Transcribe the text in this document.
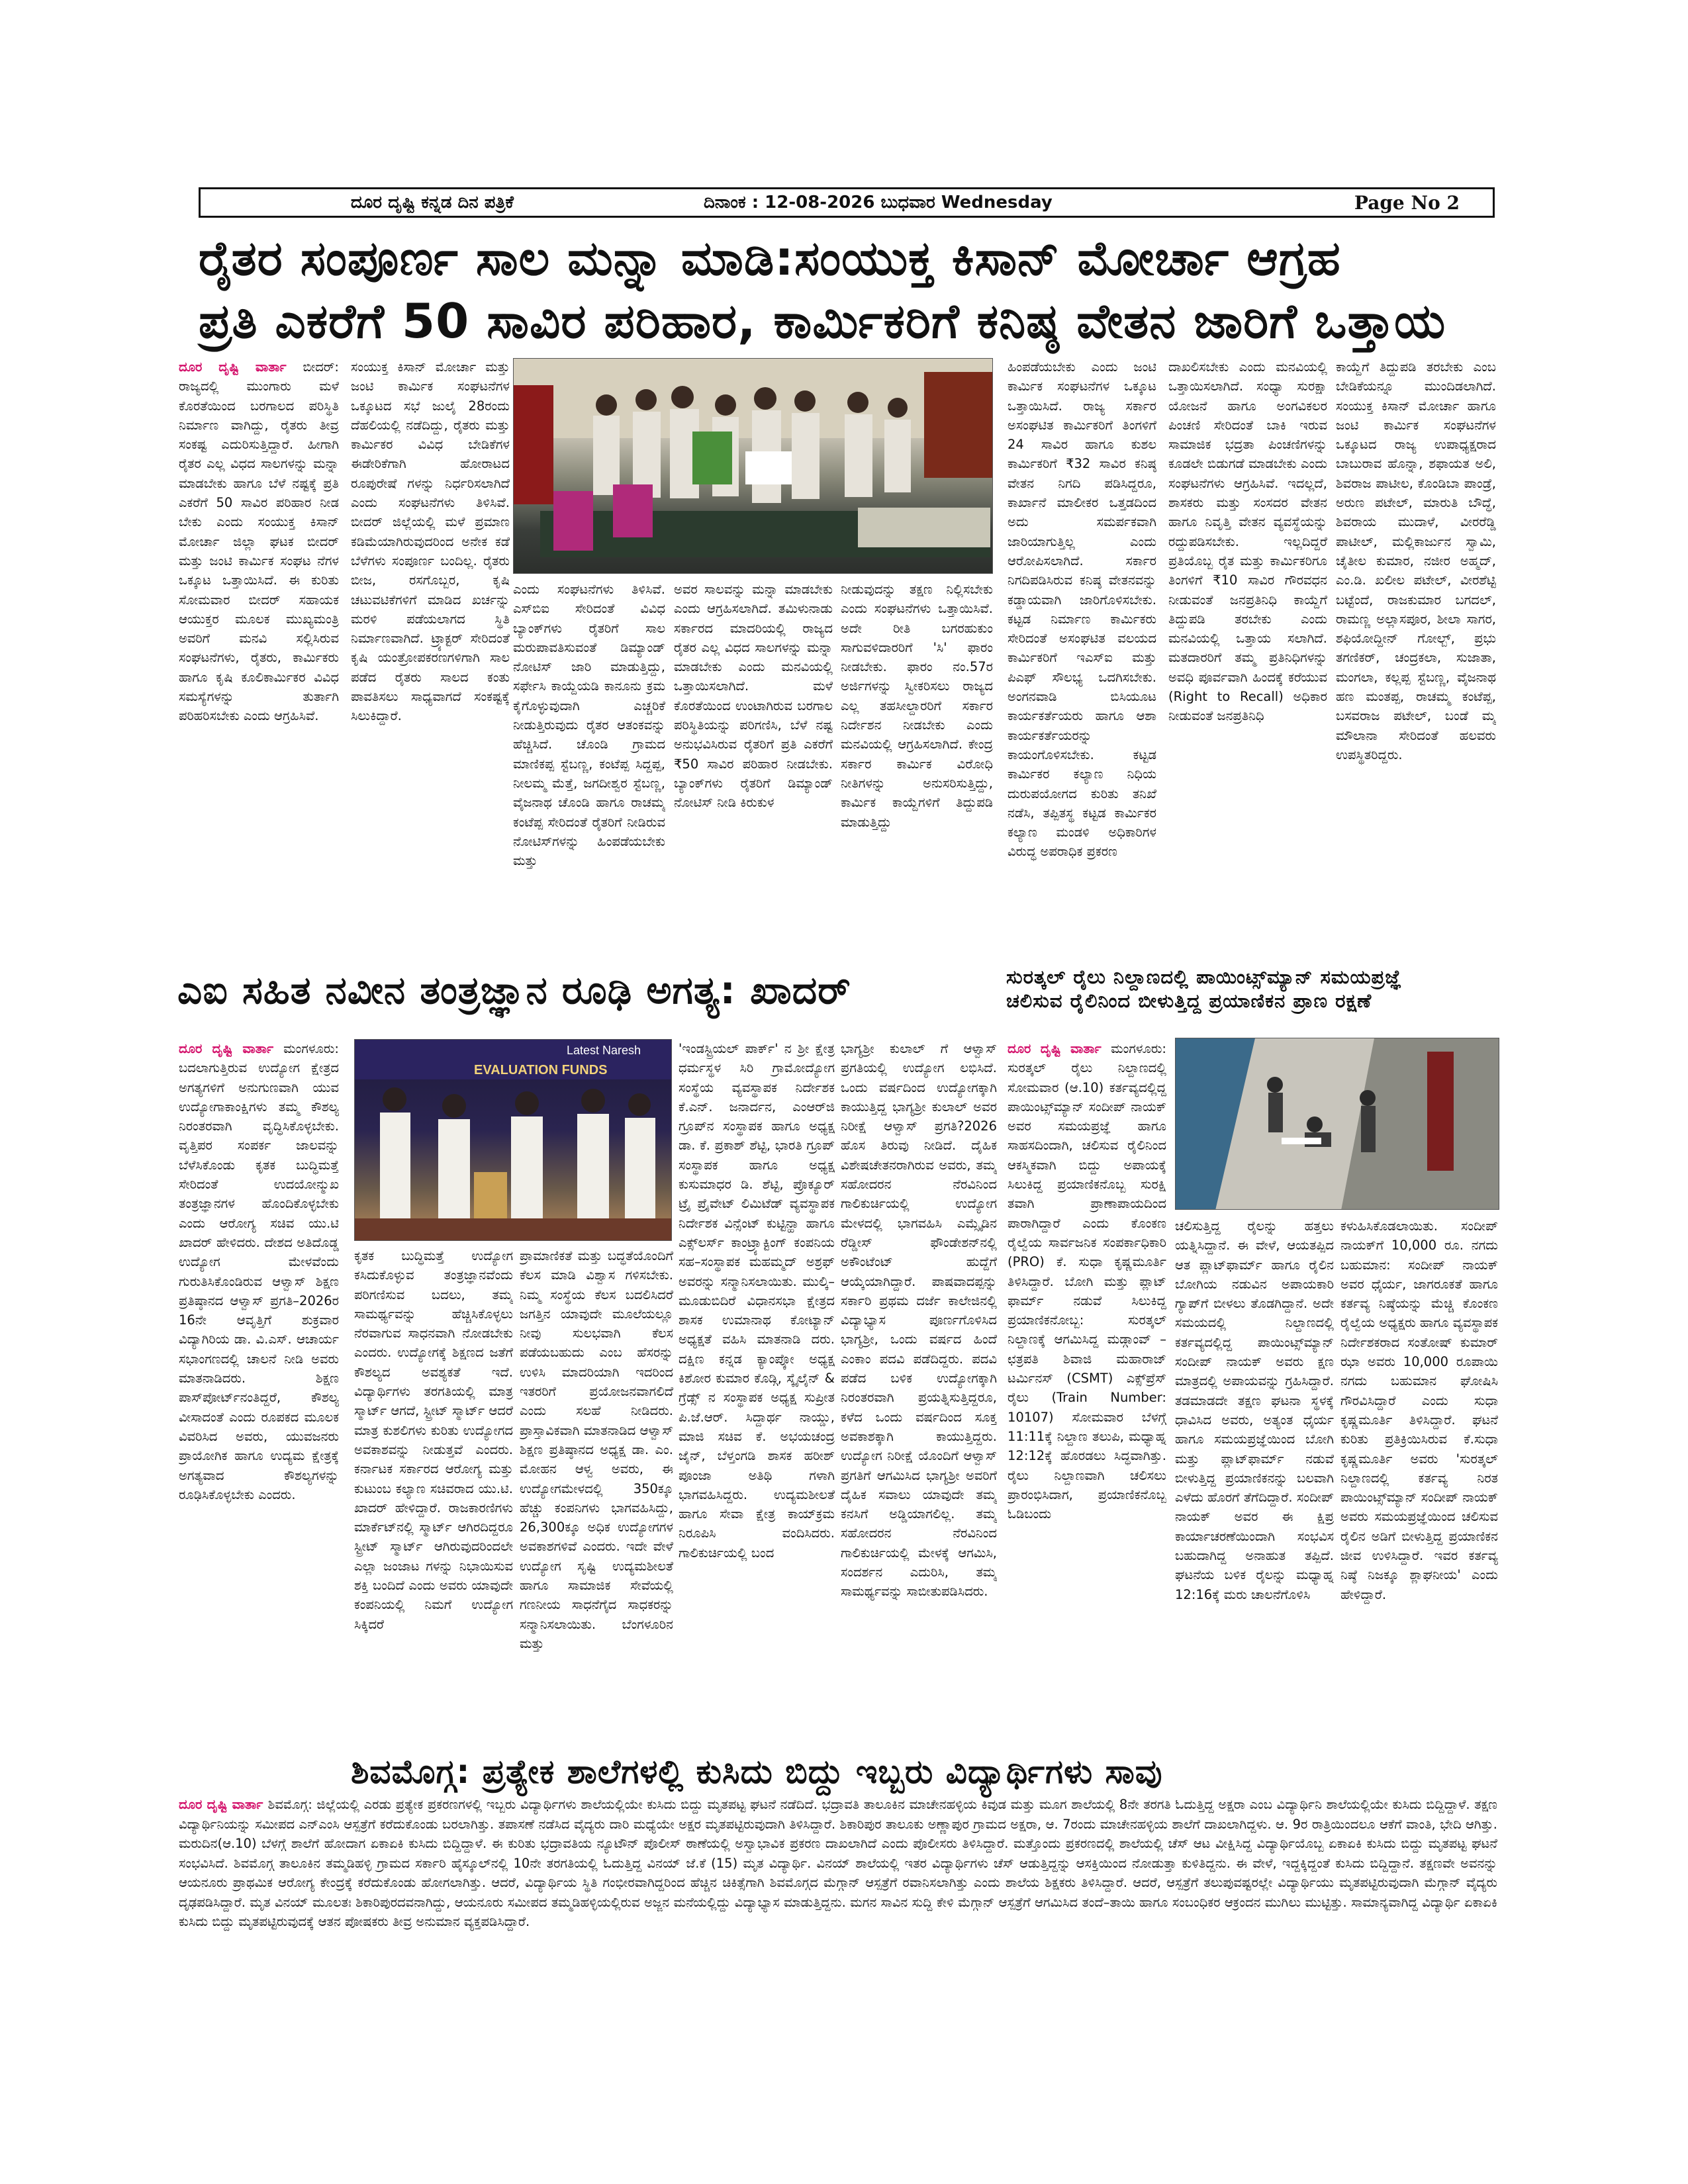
ದೂರ ದೃಷ್ಟಿ ಕನ್ನಡ ದಿನ ಪತ್ರಿಕೆ	ದಿನಾಂಕ : 12-08-2026 ಬುಧವಾರ Wednesday	Page No 2
ರೈತರ ಸಂಪೂರ್ಣ ಸಾಲ ಮನ್ನಾ ಮಾಡಿ:ಸಂಯುಕ್ತ ಕಿಸಾನ್ ಮೋರ್ಚಾ ಆಗ್ರಹ
ಪ್ರತಿ ಎಕರೆಗೆ 50 ಸಾವಿರ ಪರಿಹಾರ, ಕಾರ್ಮಿಕರಿಗೆ ಕನಿಷ್ಠ ವೇತನ ಜಾರಿಗೆ ಒತ್ತಾಯ
ದೂರ ದೃಷ್ಟಿ ವಾರ್ತಾ ಬೀದರ್: ರಾಜ್ಯದಲ್ಲಿ ಮುಂಗಾರು ಮಳೆ ಕೊರತೆಯಿಂದ ಬರಗಾಲದ ಪರಿಸ್ಥಿತಿ ನಿರ್ಮಾಣ ವಾಗಿದ್ದು, ರೈತರು ತೀವ್ರ ಸಂಕಷ್ಟ ಎದುರಿಸುತ್ತಿದ್ದಾರೆ. ಹೀಗಾಗಿ ರೈತರ ಎಲ್ಲ ವಿಧದ ಸಾಲಗಳನ್ನು ಮನ್ನಾ ಮಾಡಬೇಕು ಹಾಗೂ ಬೆಳೆ ನಷ್ಟಕ್ಕೆ ಪ್ರತಿ ಎಕರೆಗೆ 50 ಸಾವಿರ ಪರಿಹಾರ ನೀಡ ಬೇಕು ಎಂದು ಸಂಯುಕ್ತ ಕಿಸಾನ್ ಮೋರ್ಚಾ ಜಿಲ್ಲಾ ಘಟಕ ಬೀದರ್ ಮತ್ತು ಜಂಟಿ ಕಾರ್ಮಿಕ ಸಂಘಟ ನೆಗಳ ಒಕ್ಕೂಟ ಒತ್ತಾಯಿಸಿದೆ. ಈ ಕುರಿತು ಸೋಮವಾರ ಬೀದರ್ ಸಹಾಯಕ ಆಯುಕ್ತರ ಮೂಲಕ ಮುಖ್ಯಮಂತ್ರಿ ಅವರಿಗೆ ಮನವಿ ಸಲ್ಲಿಸಿರುವ ಸಂಘಟನೆಗಳು, ರೈತರು, ಕಾರ್ಮಿಕರು ಹಾಗೂ ಕೃಷಿ ಕೂಲಿಕಾರ್ಮಿಕರ ವಿವಿಧ ಸಮಸ್ಯೆಗಳನ್ನು ತುರ್ತಾಗಿ ಪರಿಹರಿಸಬೇಕು ಎಂದು ಆಗ್ರಹಿಸಿವೆ.
ಸಂಯುಕ್ತ ಕಿಸಾನ್ ಮೋರ್ಚಾ ಮತ್ತು ಜಂಟಿ ಕಾರ್ಮಿಕ ಸಂಘಟನೆಗಳ ಒಕ್ಕೂಟದ ಸಭೆ ಜುಲೈ 28ರಂದು ದೆಹಲಿಯಲ್ಲಿ ನಡೆದಿದ್ದು, ರೈತರು ಮತ್ತು ಕಾರ್ಮಿಕರ ವಿವಿಧ ಬೇಡಿಕೆಗಳ ಈಡೇರಿಕೆಗಾಗಿ ಹೋರಾಟದ ರೂಪುರೇಷೆ ಗಳನ್ನು ನಿರ್ಧರಿಸಲಾಗಿದೆ ಎಂದು ಸಂಘಟನೆಗಳು ತಿಳಿಸಿವೆ. ಬೀದರ್ ಜಿಲ್ಲೆಯಲ್ಲಿ ಮಳೆ ಪ್ರಮಾಣ ಕಡಿಮೆಯಾಗಿರುವುದರಿಂದ ಅನೇಕ ಕಡೆ ಬೆಳೆಗಳು ಸಂಪೂರ್ಣ ಬಂದಿಲ್ಲ. ರೈತರು ಬೀಜ, ರಸಗೊಬ್ಬರ, ಕೃಷಿ ಚಟುವಟಿಕೆಗಳಿಗೆ ಮಾಡಿದ ಖರ್ಚನ್ನು ಮರಳಿ ಪಡೆಯಲಾಗದ ಸ್ಥಿತಿ ನಿರ್ಮಾಣವಾಗಿದೆ. ಟ್ರ್ಯಾಕ್ಟರ್ ಸೇರಿದಂತೆ ಕೃಷಿ ಯಂತ್ರೋಪಕರಣಗಳಿಗಾಗಿ ಸಾಲ ಪಡೆದ ರೈತರು ಸಾಲದ ಕಂತು ಪಾವತಿಸಲು ಸಾಧ್ಯವಾಗದೆ ಸಂಕಷ್ಟಕ್ಕೆ ಸಿಲುಕಿದ್ದಾರೆ.
ಎಂದು ಸಂಘಟನೆಗಳು ತಿಳಿಸಿವೆ. ಎಸ್‌ಬಿಐ ಸೇರಿದಂತೆ ವಿವಿಧ ಬ್ಯಾಂಕ್‌ಗಳು ರೈತರಿಗೆ ಸಾಲ ಮರುಪಾವತಿಸುವಂತೆ ಡಿಮ್ಯಾಂಡ್ ನೋಟಿಸ್ ಜಾರಿ ಮಾಡುತ್ತಿದ್ದು, ಸರ್ಫೇಸಿ ಕಾಯ್ದೆಯಡಿ ಕಾನೂನು ಕ್ರಮ ಕೈಗೊಳ್ಳುವುದಾಗಿ ಎಚ್ಚರಿಕೆ ನೀಡುತ್ತಿರುವುದು ರೈತರ ಆತಂಕವನ್ನು ಹೆಚ್ಚಿಸಿದೆ. ಚೊಂಡಿ ಗ್ರಾಮದ ಮಾಣಿಕಪ್ಪ ಸ್ಟೆಬಣ್ಣ, ಕಂಟೆಪ್ಪ ಸಿದ್ದಪ್ಪ, ನೀಲಮ್ಮ ಮೆತ್ತೆ, ಜಗದೀಶ್ವರ ಸ್ಟೆಬಣ್ಣ, ವೈಜನಾಥ ಚೊಂಡಿ ಹಾಗೂ ರಾಚಮ್ಮ ಕಂಟೆಪ್ಪ ಸೇರಿದಂತೆ ರೈತರಿಗೆ ನೀಡಿರುವ ನೋಟಿಸ್‌ಗಳನ್ನು ಹಿಂಪಡೆಯಬೇಕು ಮತ್ತು
ಅವರ ಸಾಲವನ್ನು ಮನ್ನಾ ಮಾಡಬೇಕು ಎಂದು ಆಗ್ರಹಿಸಲಾಗಿದೆ. ತಮಿಳುನಾಡು ಸರ್ಕಾರದ ಮಾದರಿಯಲ್ಲಿ ರಾಜ್ಯದ ರೈತರ ಎಲ್ಲ ವಿಧದ ಸಾಲಗಳನ್ನು ಮನ್ನಾ ಮಾಡಬೇಕು ಎಂದು ಮನವಿಯಲ್ಲಿ ಒತ್ತಾಯಿಸಲಾಗಿದೆ. ಮಳೆ ಕೊರತೆಯಿಂದ ಉಂಟಾಗಿರುವ ಬರಗಾಲ ಪರಿಸ್ಥಿತಿಯನ್ನು ಪರಿಗಣಿಸಿ, ಬೆಳೆ ನಷ್ಟ ಅನುಭವಿಸಿರುವ ರೈತರಿಗೆ ಪ್ರತಿ ಎಕರೆಗೆ ₹50 ಸಾವಿರ ಪರಿಹಾರ ನೀಡಬೇಕು. ಬ್ಯಾಂಕ್‌ಗಳು ರೈತರಿಗೆ ಡಿಮ್ಯಾಂಡ್ ನೋಟಿಸ್ ನೀಡಿ ಕಿರುಕುಳ
ನೀಡುವುದನ್ನು ತಕ್ಷಣ ನಿಲ್ಲಿಸಬೇಕು ಎಂದು ಸಂಘಟನೆಗಳು ಒತ್ತಾಯಿಸಿವೆ. ಅದೇ ರೀತಿ ಬಗರಹುಕುಂ ಸಾಗುವಳಿದಾರರಿಗೆ 'ಸಿ' ಫಾರಂ ನೀಡಬೇಕು. ಫಾರಂ ನಂ.57ರ ಅರ್ಜಿಗಳನ್ನು ಸ್ವೀಕರಿಸಲು ರಾಜ್ಯದ ಎಲ್ಲ ತಹಸೀಲ್ದಾರರಿಗೆ ಸರ್ಕಾರ ನಿರ್ದೇಶನ ನೀಡಬೇಕು ಎಂದು ಮನವಿಯಲ್ಲಿ ಆಗ್ರಹಿಸಲಾಗಿದೆ. ಕೇಂದ್ರ ಸರ್ಕಾರ ಕಾರ್ಮಿಕ ವಿರೋಧಿ ನೀತಿಗಳನ್ನು ಅನುಸರಿಸುತ್ತಿದ್ದು, ಕಾರ್ಮಿಕ ಕಾಯ್ದೆಗಳಿಗೆ ತಿದ್ದುಪಡಿ ಮಾಡುತ್ತಿದ್ದು
ಹಿಂಪಡೆಯಬೇಕು ಎಂದು ಜಂಟಿ ಕಾರ್ಮಿಕ ಸಂಘಟನೆಗಳ ಒಕ್ಕೂಟ ಒತ್ತಾಯಿಸಿದೆ. ರಾಜ್ಯ ಸರ್ಕಾರ ಅಸಂಘಟಿತ ಕಾರ್ಮಿಕರಿಗೆ ತಿಂಗಳಿಗೆ 24 ಸಾವಿರ ಹಾಗೂ ಕುಶಲ ಕಾರ್ಮಿಕರಿಗೆ ₹32 ಸಾವಿರ ಕನಿಷ್ಠ ವೇತನ ನಿಗದಿ ಪಡಿಸಿದ್ದರೂ, ಕಾರ್ಖಾನೆ ಮಾಲೀಕರ ಒತ್ತಡದಿಂದ ಅದು ಸಮರ್ಪಕವಾಗಿ ಜಾರಿಯಾಗುತ್ತಿಲ್ಲ ಎಂದು ಆರೋಪಿಸಲಾಗಿದೆ. ಸರ್ಕಾರ ನಿಗದಿಪಡಿಸಿರುವ ಕನಿಷ್ಠ ವೇತನವನ್ನು ಕಡ್ಡಾಯವಾಗಿ ಜಾರಿಗೊಳಿಸಬೇಕು. ಕಟ್ಟಡ ನಿರ್ಮಾಣ ಕಾರ್ಮಿಕರು ಸೇರಿದಂತೆ ಅಸಂಘಟಿತ ವಲಯದ ಕಾರ್ಮಿಕರಿಗೆ ಇಎಸ್‌ಐ ಮತ್ತು ಪಿಎಫ್ ಸೌಲಭ್ಯ ಒದಗಿಸಬೇಕು. ಅಂಗನವಾಡಿ ಬಿಸಿಯೂಟ ಕಾರ್ಯಕರ್ತೆಯರು ಹಾಗೂ ಆಶಾ ಕಾರ್ಯಕರ್ತೆಯರನ್ನು ಕಾಯಂಗೊಳಿಸಬೇಕು. ಕಟ್ಟಡ ಕಾರ್ಮಿಕರ ಕಲ್ಯಾಣ ನಿಧಿಯ ದುರುಪಯೋಗದ ಕುರಿತು ತನಿಖೆ ನಡೆಸಿ, ತಪ್ಪಿತಸ್ಥ ಕಟ್ಟಡ ಕಾರ್ಮಿಕರ ಕಲ್ಯಾಣ ಮಂಡಳಿ ಅಧಿಕಾರಿಗಳ ವಿರುದ್ಧ ಅಪರಾಧಿಕ ಪ್ರಕರಣ
ದಾಖಲಿಸಬೇಕು ಎಂದು ಮನವಿಯಲ್ಲಿ ಒತ್ತಾಯಿಸಲಾಗಿದೆ. ಸಂಧ್ಯಾ ಸುರಕ್ಷಾ ಯೋಜನೆ ಹಾಗೂ ಅಂಗವಿಕಲರ ಪಿಂಚಣಿ ಸೇರಿದಂತೆ ಬಾಕಿ ಇರುವ ಸಾಮಾಜಿಕ ಭದ್ರತಾ ಪಿಂಚಣಿಗಳನ್ನು ಕೂಡಲೇ ಬಿಡುಗಡೆ ಮಾಡಬೇಕು ಎಂದು ಸಂಘಟನೆಗಳು ಆಗ್ರಹಿಸಿವೆ. ಇದಲ್ಲದೆ, ಶಾಸಕರು ಮತ್ತು ಸಂಸದರ ವೇತನ ಹಾಗೂ ನಿವೃತ್ತಿ ವೇತನ ವ್ಯವಸ್ಥೆಯನ್ನು ರದ್ದುಪಡಿಸಬೇಕು. ಇಲ್ಲದಿದ್ದರೆ ಪ್ರತಿಯೊಬ್ಬ ರೈತ ಮತ್ತು ಕಾರ್ಮಿಕರಿಗೂ ತಿಂಗಳಿಗೆ ₹10 ಸಾವಿರ ಗೌರವಧನ ನೀಡುವಂತೆ ಜನಪ್ರತಿನಿಧಿ ಕಾಯ್ದೆಗೆ ತಿದ್ದುಪಡಿ ತರಬೇಕು ಎಂದು ಮನವಿಯಲ್ಲಿ ಒತ್ತಾಯ ಸಲಾಗಿದೆ. ಮತದಾರರಿಗೆ ತಮ್ಮ ಪ್ರತಿನಿಧಿಗಳನ್ನು ಅವಧಿ ಪೂರ್ವವಾಗಿ ಹಿಂದಕ್ಕೆ ಕರೆಯುವ (Right to Recall) ಅಧಿಕಾರ ನೀಡುವಂತೆ ಜನಪ್ರತಿನಿಧಿ
ಕಾಯ್ದೆಗೆ ತಿದ್ದುಪಡಿ ತರಬೇಕು ಎಂಬ ಬೇಡಿಕೆಯನ್ನೂ ಮುಂದಿಡಲಾಗಿದೆ. ಸಂಯುಕ್ತ ಕಿಸಾನ್ ಮೋರ್ಚಾ ಹಾಗೂ ಜಂಟಿ ಕಾರ್ಮಿಕ ಸಂಘಟನೆಗಳ ಒಕ್ಕೂಟದ ರಾಜ್ಯ ಉಪಾಧ್ಯಕ್ಷರಾದ ಬಾಬುರಾವ ಹೊನ್ನಾ, ಶಫಾಯತ ಅಲಿ, ಶಿವರಾಜ ಪಾಟೀಲ, ಕೊಂಡಿಬಾ ಪಾಂಡ್ರೆ, ಅರುಣ ಪಟೇಲ್, ಮಾರುತಿ ಬೌದ್ಧೆ, ಶಿವರಾಯ ಮುದಾಳೆ, ವೀರರೆಡ್ಡಿ ಪಾಟೀಲ್, ಮಲ್ಲಿಕಾರ್ಜುನ ಸ್ವಾಮಿ, ಚೈತೀಲ ಕುಮಾರ, ನಜೀರ ಅಹ್ಮದ್, ಎಂ.ಡಿ. ಖಲೀಲ ಪಟೇಲ್, ವೀರಶೆಟ್ಟಿ ಬಟ್ಟೆಂದೆ, ರಾಜಕುಮಾರ ಬಗದಲ್, ರಾಮಣ್ಣ ಅಲ್ಲಾಸಪೂರ, ಶೀಲಾ ಸಾಗರ, ಶಫಿಯೋದ್ದೀನ್ ಗೋಲ್ಬ್, ಪ್ರಭು ತಗಣಿಕರ್, ಚಂದ್ರಕಲಾ, ಸುಜಾತಾ, ಮಂಗಲಾ, ಕಲ್ಲಪ್ಪ ಸ್ಟೆಬಣ್ಣ, ವೈಜನಾಥ ಹಣ ಮಂತಪ್ಪ, ರಾಚಮ್ಮ ಕಂಟೆಪ್ಪ, ಬಸವರಾಜ ಪಟೇಲ್, ಬಂಡೆ ಮ್ಮ ಮೌಲಾನಾ ಸೇರಿದಂತೆ ಹಲವರು ಉಪಸ್ಥಿತರಿದ್ದರು.
ಎಐ ಸಹಿತ ನವೀನ ತಂತ್ರಜ್ಞಾನ ರೂಢಿ ಅಗತ್ಯ: ಖಾದರ್	ಸುರತ್ಕಲ್ ರೈಲು ನಿಲ್ದಾಣದಲ್ಲಿ ಪಾಯಿಂಟ್ಸ್‌ಮ್ಯಾನ್ ಸಮಯಪ್ರಜ್ಞೆ
ಚಲಿಸುವ ರೈಲಿನಿಂದ ಬೀಳುತ್ತಿದ್ದ ಪ್ರಯಾಣಿಕನ ಪ್ರಾಣ ರಕ್ಷಣೆ
ದೂರ ದೃಷ್ಟಿ ವಾರ್ತಾ ಮಂಗಳೂರು: ಬದಲಾಗುತ್ತಿರುವ ಉದ್ಯೋಗ ಕ್ಷೇತ್ರದ ಅಗತ್ಯಗಳಿಗೆ ಅನುಗುಣವಾಗಿ ಯುವ ಉದ್ಯೋಗಾಕಾಂಕ್ಷಿಗಳು ತಮ್ಮ ಕೌಶಲ್ಯ ನಿರಂತರವಾಗಿ ವೃದ್ಧಿಸಿಕೊಳ್ಳಬೇಕು. ವೃತ್ತಿಪರ ಸಂಪರ್ಕ ಜಾಲವನ್ನು ಬೆಳೆಸಿಕೊಂಡು ಕೃತಕ ಬುದ್ಧಿಮತ್ತೆ ಸೇರಿದಂತೆ ಉದಯೋನ್ಮುಖ ತಂತ್ರಜ್ಞಾನಗಳ ಹೊಂದಿಕೊಳ್ಳಬೇಕು ಎಂದು ಆರೋಗ್ಯ ಸಚಿವ ಯು.ಟಿ ಖಾದರ್ ಹೇಳಿದರು. ದೇಶದ ಅತಿದೊಡ್ಡ ಉದ್ಯೋಗ ಮೇಳವೆಂದು ಗುರುತಿಸಿಕೊಂಡಿರುವ ಆಳ್ವಾಸ್ ಶಿಕ್ಷಣ ಪ್ರತಿಷ್ಠಾನದ ಆಳ್ವಾಸ್ ಪ್ರಗತಿ–2026ರ 16ನೇ ಆವೃತ್ತಿಗೆ ಶುಕ್ರವಾರ ವಿದ್ಯಾಗಿರಿಯ ಡಾ. ವಿ.ಎಸ್. ಆಚಾರ್ಯ ಸಭಾಂಗಣದಲ್ಲಿ ಚಾಲನೆ ನೀಡಿ ಅವರು ಮಾತನಾಡಿದರು. ಶಿಕ್ಷಣ ಪಾಸ್‌ಪೋರ್ಟ್‌ನಂತಿದ್ದರೆ, ಕೌಶಲ್ಯ ವೀಸಾದಂತೆ ಎಂದು ರೂಪಕದ ಮೂಲಕ ವಿವರಿಸಿದ ಅವರು, ಯುವಜನರು ಪ್ರಾಯೋಗಿಕ ಹಾಗೂ ಉದ್ಯಮ ಕ್ಷೇತ್ರಕ್ಕೆ ಅಗತ್ಯವಾದ ಕೌಶಲ್ಯಗಳನ್ನು ರೂಢಿಸಿಕೊಳ್ಳಬೇಕು ಎಂದರು.
Latest Naresh
EVALUATION FUNDS
ಕೃತಕ ಬುದ್ಧಿಮತ್ತೆ ಉದ್ಯೋಗ ಕಸಿದುಕೊಳ್ಳುವ ತಂತ್ರಜ್ಞಾನವೆಂದು ಪರಿಗಣಿಸುವ ಬದಲು, ತಮ್ಮ ಸಾಮರ್ಥ್ಯವನ್ನು ಹೆಚ್ಚಿಸಿಕೊಳ್ಳಲು ನೆರವಾಗುವ ಸಾಧನವಾಗಿ ನೋಡಬೇಕು ಎಂದರು. ಉದ್ಯೋಗಕ್ಕೆ ಶಿಕ್ಷಣದ ಜತೆಗೆ ಕೌಶಲ್ಯದ ಅವಶ್ಯಕತೆ ಇದೆ. ವಿದ್ಯಾರ್ಥಿಗಳು ತರಗತಿಯಲ್ಲಿ ಮಾತ್ರ ಸ್ಮಾರ್ಟ್ ಆಗದೆ, ಸ್ಟ್ರೀಟ್ ಸ್ಮಾರ್ಟ್ ಆದರೆ ಮಾತ್ರ ಕುಶಲಿಗಳು ಕುರಿತು ಉದ್ಯೋಗದ ಅವಕಾಶವನ್ನು ನೀಡುತ್ತವೆ ಎಂದರು. ಕರ್ನಾಟಕ ಸರ್ಕಾರದ ಆರೋಗ್ಯ ಮತ್ತು ಕುಟುಂಬ ಕಲ್ಯಾಣ ಸಚಿವರಾದ ಯು.ಟಿ. ಖಾದರ್ ಹೇಳಿದ್ದಾರೆ. ರಾಜಕಾರಣಿಗಳು ಮಾರ್ಕೆಟ್‌ನಲ್ಲಿ ಸ್ಮಾರ್ಟ್ ಆಗಿರದಿದ್ದರೂ ಸ್ಟ್ರೀಟ್ ಸ್ಮಾರ್ಟ್ ಆಗಿರುವುದರಿಂದಲೇ ಎಲ್ಲಾ ಜಂಜಾಟ ಗಳನ್ನು ನಿಭಾಯಿಸುವ ಶಕ್ತಿ ಬಂದಿದೆ ಎಂದು ಅವರು ಯಾವುದೇ ಕಂಪನಿಯಲ್ಲಿ ನಿಮಗೆ ಉದ್ಯೋಗ ಸಿಕ್ಕಿದರೆ
ಪ್ರಾಮಾಣಿಕತೆ ಮತ್ತು ಬದ್ಧತೆಯೊಂದಿಗೆ ಕೆಲಸ ಮಾಡಿ ವಿಶ್ವಾಸ ಗಳಿಸಬೇಕು. ನಿಮ್ಮ ಸಂಸ್ಥೆಯ ಕೆಲಸ ಬದಲಿಸಿದರೆ ಜಗತ್ತಿನ ಯಾವುದೇ ಮೂಲೆಯಲ್ಲೂ ನೀವು ಸುಲಭವಾಗಿ ಕೆಲಸ ಪಡೆಯಬಹುದು ಎಂಬ ಹೆಸರನ್ನು ಉಳಿಸಿ ಮಾದರಿಯಾಗಿ ಇದರಿಂದ ಇತರರಿಗೆ ಪ್ರಯೋಜನವಾಗಲಿದೆ ಎಂದು ಸಲಹೆ ನೀಡಿದರು. ಪ್ರಾಸ್ತಾವಿಕವಾಗಿ ಮಾತನಾಡಿದ ಆಳ್ವಾಸ್ ಶಿಕ್ಷಣ ಪ್ರತಿಷ್ಠಾನದ ಅಧ್ಯಕ್ಷ ಡಾ. ಎಂ. ಮೋಹನ ಆಳ್ವ ಅವರು, ಈ ಉದ್ಯೋಗಮೇಳದಲ್ಲಿ 350ಕ್ಕೂ ಹೆಚ್ಚು ಕಂಪನಿಗಳು ಭಾಗವಹಿಸಿದ್ದು, 26,300ಕ್ಕೂ ಅಧಿಕ ಉದ್ಯೋಗಗಳ ಅವಕಾಶಗಳಿವೆ ಎಂದರು. ಇದೇ ವೇಳೆ ಉದ್ಯೋಗ ಸೃಷ್ಟಿ ಉದ್ಯಮಶೀಲತೆ ಹಾಗೂ ಸಾಮಾಜಿಕ ಸೇವೆಯಲ್ಲಿ ಗಣನೀಯ ಸಾಧನೆಗೈದ ಸಾಧಕರನ್ನು ಸನ್ಮಾನಿಸಲಾಯಿತು. ಬೆಂಗಳೂರಿನ ಮತ್ತು
'ಇಂಡಸ್ಟ್ರಿಯಲ್ ಪಾರ್ಕ್' ನ ಶ್ರೀ ಕ್ಷೇತ್ರ ಧರ್ಮಸ್ಥಳ ಸಿರಿ ಗ್ರಾಮೋದ್ಯೋಗ ಸಂಸ್ಥೆಯ ವ್ಯವಸ್ಥಾಪಕ ನಿರ್ದೇಶಕ ಕೆ.ಎನ್. ಜನಾರ್ದನ, ಎಂಆರ್‌ಜಿ ಗ್ರೂಪ್‌ನ ಸಂಸ್ಥಾಪಕ ಹಾಗೂ ಅಧ್ಯಕ್ಷ ಡಾ. ಕೆ. ಪ್ರಕಾಶ್ ಶೆಟ್ಟಿ, ಭಾರತಿ ಗ್ರೂಪ್ ಸಂಸ್ಥಾಪಕ ಹಾಗೂ ಅಧ್ಯಕ್ಷ ಕುಸುಮಾಧರ ಡಿ. ಶೆಟ್ಟಿ, ಪ್ರೊಕ್ಯೂರ್ ಟ್ರೈ ಪ್ರೈವೇಟ್ ಲಿಮಿಟೆಡ್ ವ್ಯವಸ್ಥಾಪಕ ನಿರ್ದೇಶಕ ವಿನ್ಸೆಂಟ್ ಕುಟ್ಟಿನ್ಹಾ ಹಾಗೂ ಎಕ್ಸ್‌ಲರ್ಸ್ ಕಾಂಟ್ರ್ಯಾಕ್ಟಿಂಗ್ ಕಂಪನಿಯ ಸಹ–ಸಂಸ್ಥಾಪಕ ಮಹಮ್ಮದ್ ಅಶ್ರಫ್ ಅವರನ್ನು ಸನ್ಮಾನಿಸಲಾಯಿತು. ಮುಲ್ಕಿ–ಮೂಡುಬಿದಿರೆ ವಿಧಾನಸಭಾ ಕ್ಷೇತ್ರದ ಶಾಸಕ ಉಮಾನಾಥ ಕೋಟ್ಯಾನ್ ಅಧ್ಯಕ್ಷತೆ ವಹಿಸಿ ಮಾತನಾಡಿ ದರು. ದಕ್ಷಿಣ ಕನ್ನಡ ಕ್ಯಾಂಪ್ಕೋ ಅಧ್ಯಕ್ಷ ಕಿಶೋರ ಕುಮಾರ ಕೊಡ್ಗಿ, ಸ್ಕೈಲೈನ್ & ಗ್ರೆಡ್ಸ್ ನ ಸಂಸ್ಥಾಪಕ ಅಧ್ಯಕ್ಷ ಸುಪ್ರೀತ ಪಿ.ಜೆ.ಆರ್. ಸಿದ್ದಾರ್ಥ ನಾಯ್ಡು, ಮಾಜಿ ಸಚಿವ ಕೆ. ಅಭಯಚಂದ್ರ ಜೈನ್, ಬೆಳ್ತಂಗಡಿ ಶಾಸಕ ಹರೀಶ್ ಪೂಂಜಾ ಅತಿಥಿ ಗಳಾಗಿ ಭಾಗವಹಿಸಿದ್ದರು. ಉದ್ಯಮಶೀಲತೆ ಹಾಗೂ ಸೇವಾ ಕ್ಷೇತ್ರ ಕಾಯ್‌ಕ್ರಮ ನಿರೂಪಿಸಿ ವಂದಿಸಿದರು. ಗಾಲಿಕುರ್ಚಿಯಲ್ಲಿ ಬಂದ
ಭಾಗ್ಯಶ್ರೀ ಕುಲಾಲ್ ಗೆ ಆಳ್ವಾಸ್ ಪ್ರಗತಿಯಲ್ಲಿ ಉದ್ಯೋಗ ಲಭಿಸಿದೆ. ಒಂದು ವರ್ಷದಿಂದ ಉದ್ಯೋಗಕ್ಕಾಗಿ ಕಾಯುತ್ತಿದ್ದ ಭಾಗ್ಯಶ್ರೀ ಕುಲಾಲ್ ಅವರ ನಿರೀಕ್ಷೆ ಆಳ್ವಾಸ್ ಪ್ರಗತಿ?2026 ಹೊಸ ತಿರುವು ನೀಡಿದೆ. ದೈಹಿಕ ವಿಶೇಷಚೇತನರಾಗಿರುವ ಅವರು, ತಮ್ಮ ಸಹೋದರನ ನೆರವಿನಿಂದ ಗಾಲಿಕುರ್ಚಿಯಲ್ಲಿ ಉದ್ಯೋಗ ಮೇಳದಲ್ಲಿ ಭಾಗವಹಿಸಿ ಎಮ್ಸೈಡಿನ ರೆಡ್ಡೀಸ್ ಫೌಂಡೇಶನ್‌ನಲ್ಲಿ ಅಕೌಂಟೆಂಟ್ ಹುದ್ದೆಗೆ ಆಯ್ಕೆಯಾಗಿದ್ದಾರೆ. ಪಾಷವಾದಪ್ಪನ್ನು ಸರ್ಕಾರಿ ಪ್ರಥಮ ದರ್ಜೆ ಕಾಲೇಜಿನಲ್ಲಿ ವಿದ್ಯಾಭ್ಯಾಸ ಪೂರ್ಣಗೊಳಿಸಿದ ಭಾಗ್ಯಶ್ರೀ, ಒಂದು ವರ್ಷದ ಹಿಂದೆ ಎಂಕಾಂ ಪದವಿ ಪಡೆದಿದ್ದರು. ಪದವಿ ಪಡೆದ ಬಳಿಕ ಉದ್ಯೋಗಕ್ಕಾಗಿ ನಿರಂತರವಾಗಿ ಪ್ರಯತ್ನಿಸುತ್ತಿದ್ದರೂ, ಕಳೆದ ಒಂದು ವರ್ಷದಿಂದ ಸೂಕ್ತ ಅವಕಾಶಕ್ಕಾಗಿ ಕಾಯುತ್ತಿದ್ದರು. ಉದ್ಯೋಗ ನಿರೀಕ್ಷೆ ಯೊಂದಿಗೆ ಆಳ್ವಾಸ್ ಪ್ರಗತಿಗೆ ಆಗಮಿಸಿದ ಭಾಗ್ಯಶ್ರೀ ಅವರಿಗೆ ದೈಹಿಕ ಸವಾಲು ಯಾವುದೇ ತಮ್ಮ ಕನಸಿಗೆ ಅಡ್ಡಿಯಾಗಲಿಲ್ಲ. ತಮ್ಮ ಸಹೋದರನ ನೆರವಿನಿಂದ ಗಾಲಿಕುರ್ಚಿಯಲ್ಲಿ ಮೇಳಕ್ಕೆ ಆಗಮಿಸಿ, ಸಂದರ್ಶನ ಎದುರಿಸಿ, ತಮ್ಮ ಸಾಮರ್ಥ್ಯವನ್ನು ಸಾಬೀತುಪಡಿಸಿದರು.
ದೂರ ದೃಷ್ಟಿ ವಾರ್ತಾ ಮಂಗಳೂರು: ಸುರತ್ಕಲ್ ರೈಲು ನಿಲ್ದಾಣದಲ್ಲಿ ಸೋಮವಾರ (ಆ.10) ಕರ್ತವ್ಯದಲ್ಲಿದ್ದ ಪಾಯಿಂಟ್ಸ್‌ಮ್ಯಾನ್ ಸಂದೀಪ್ ನಾಯಕ್ ಅವರ ಸಮಯಪ್ರಜ್ಞೆ ಹಾಗೂ ಸಾಹಸದಿಂದಾಗಿ, ಚಲಿಸುವ ರೈಲಿನಿಂದ ಆಕಸ್ಮಿಕವಾಗಿ ಬಿದ್ದು ಅಪಾಯಕ್ಕೆ ಸಿಲುಕಿದ್ದ ಪ್ರಯಾಣಿಕನೊಬ್ಬ ಸುರಕ್ಷಿ ತವಾಗಿ ಪ್ರಾಣಾಪಾಯದಿಂದ ಪಾರಾಗಿದ್ದಾರೆ ಎಂದು ಕೊಂಕಣ ರೈಲ್ವೆಯ ಸಾರ್ವಜನಿಕ ಸಂಪರ್ಕಾಧಿಕಾರಿ (PRO) ಕೆ. ಸುಧಾ ಕೃಷ್ಣಮೂರ್ತಿ ತಿಳಿಸಿದ್ದಾರೆ. ಬೋಗಿ ಮತ್ತು ಪ್ಲಾಟ್ ಫಾರ್ಮ್ ನಡುವೆ ಸಿಲುಕಿದ್ದ ಪ್ರಯಾಣಿಕನೋಬ್ಬ: ಸುರತ್ಕಲ್ ನಿಲ್ದಾಣಕ್ಕೆ ಆಗಮಿಸಿದ್ದ ಮಡ್ಗಾಂವ್ – ಛತ್ರಪತಿ ಶಿವಾಜಿ ಮಹಾರಾಜ್ ಟರ್ಮಿನಸ್ (CSMT) ಎಕ್ಸ್‌ಪ್ರೆಸ್ ರೈಲು (Train Number: 10107) ಸೋಮವಾರ ಬೆಳಗ್ಗೆ 11:11ಕ್ಕೆ ನಿಲ್ದಾಣ ತಲುಪಿ, ಮಧ್ಯಾಹ್ನ 12:12ಕ್ಕೆ ಹೊರಡಲು ಸಿದ್ಧವಾಗಿತ್ತು. ರೈಲು ನಿಲ್ದಾಣವಾಗಿ ಚಲಿಸಲು ಪ್ರಾರಂಭಿಸಿದಾಗ, ಪ್ರಯಾಣಿಕನೊಬ್ಬ ಓಡಿಬಂದು
ಚಲಿಸುತ್ತಿದ್ದ ರೈಲನ್ನು ಹತ್ತಲು ಯತ್ನಿಸಿದ್ದಾನೆ. ಈ ವೇಳೆ, ಆಯತಪ್ಪಿದ ಆತ ಪ್ಲಾಟ್‌ಫಾರ್ಮ್ ಹಾಗೂ ರೈಲಿನ ಬೋಗಿಯ ನಡುವಿನ ಅಪಾಯಕಾರಿ ಗ್ಯಾಪ್‌ಗೆ ಬೀಳಲು ತೊಡಗಿದ್ದಾನೆ. ಅದೇ ಸಮಯದಲ್ಲಿ ನಿಲ್ದಾಣದಲ್ಲಿ ಕರ್ತವ್ಯದಲ್ಲಿದ್ದ ಪಾಯಿಂಟ್ಸ್‌ಮ್ಯಾನ್ ಸಂದೀಪ್ ನಾಯಕ್ ಅವರು ಕ್ಷಣ ಮಾತ್ರದಲ್ಲಿ ಅಪಾಯವನ್ನು ಗ್ರಹಿಸಿದ್ದಾರೆ. ತಡಮಾಡದೇ ತಕ್ಷಣ ಘಟನಾ ಸ್ಥಳಕ್ಕೆ ಧಾವಿಸಿದ ಅವರು, ಅತ್ಯಂತ ಧೈರ್ಯ ಹಾಗೂ ಸಮಯಪ್ರಜ್ಞೆಯಿಂದ ಬೋಗಿ ಮತ್ತು ಪ್ಲಾಟ್‌ಫಾರ್ಮ್ ನಡುವೆ ಬೀಳುತ್ತಿದ್ದ ಪ್ರಯಾಣಿಕನನ್ನು ಬಲವಾಗಿ ಎಳೆದು ಹೊರಗೆ ತೆಗೆದಿದ್ದಾರೆ. ಸಂದೀಪ್ ನಾಯಕ್ ಅವರ ಈ ಕ್ಷಿಪ್ರ ಕಾರ್ಯಾಚರಣೆಯಿಂದಾಗಿ ಸಂಭವಿಸ ಬಹುದಾಗಿದ್ದ ಅನಾಹುತ ತಪ್ಪಿದೆ. ಘಟನೆಯ ಬಳಿಕ ರೈಲನ್ನು ಮಧ್ಯಾಹ್ನ 12:16ಕ್ಕೆ ಮರು ಚಾಲನೆಗೊಳಿಸಿ
ಕಳುಹಿಸಿಕೊಡಲಾಯಿತು. ಸಂದೀಪ್ ನಾಯಕ್‌ಗೆ 10,000 ರೂ. ನಗದು ಬಹುಮಾನ: ಸಂದೀಪ್ ನಾಯಕ್ ಅವರ ಧೈರ್ಯ, ಜಾಗರೂಕತೆ ಹಾಗೂ ಕರ್ತವ್ಯ ನಿಷ್ಠೆಯನ್ನು ಮೆಚ್ಚಿ ಕೊಂಕಣ ರೈಲ್ವೆಯ ಅಧ್ಯಕ್ಷರು ಹಾಗೂ ವ್ಯವಸ್ಥಾಪಕ ನಿರ್ದೇಶಕರಾದ ಸಂತೋಷ್ ಕುಮಾರ್ ಝಾ ಅವರು 10,000 ರೂಪಾಯಿ ನಗದು ಬಹುಮಾನ ಘೋಷಿಸಿ ಗೌರವಿಸಿದ್ದಾರೆ ಎಂದು ಸುಧಾ ಕೃಷ್ಣಮೂರ್ತಿ ತಿಳಿಸಿದ್ದಾರೆ. ಘಟನೆ ಕುರಿತು ಪ್ರತಿಕ್ರಿಯಿಸಿರುವ ಕೆ.ಸುಧಾ ಕೃಷ್ಣಮೂರ್ತಿ ಅವರು 'ಸುರತ್ಕಲ್ ನಿಲ್ದಾಣದಲ್ಲಿ ಕರ್ತವ್ಯ ನಿರತ ಪಾಯಿಂಟ್ಸ್‌ಮ್ಯಾನ್ ಸಂದೀಪ್ ನಾಯಕ್ ಅವರು ಸಮಯಪ್ರಜ್ಞೆಯಿಂದ ಚಲಿಸುವ ರೈಲಿನ ಅಡಿಗೆ ಬೀಳುತ್ತಿದ್ದ ಪ್ರಯಾಣಿಕನ ಜೀವ ಉಳಿಸಿದ್ದಾರೆ. ಇವರ ಕರ್ತವ್ಯ ನಿಷ್ಠೆ ನಿಜಕ್ಕೂ ಶ್ಲಾಘನೀಯ' ಎಂದು ಹೇಳಿದ್ದಾರೆ.
ಶಿವಮೊಗ್ಗ: ಪ್ರತ್ಯೇಕ ಶಾಲೆಗಳಲ್ಲಿ ಕುಸಿದು ಬಿದ್ದು ಇಬ್ಬರು ವಿದ್ಯಾರ್ಥಿಗಳು ಸಾವು
ದೂರ ದೃಷ್ಟಿ ವಾರ್ತಾ ಶಿವಮೊಗ್ಗ: ಜಿಲ್ಲೆಯಲ್ಲಿ ಎರಡು ಪ್ರತ್ಯೇಕ ಪ್ರಕರಣಗಳಲ್ಲಿ ಇಬ್ಬರು ವಿದ್ಯಾರ್ಥಿಗಳು ಶಾಲೆಯಲ್ಲಿಯೇ ಕುಸಿದು ಬಿದ್ದು ಮೃತಪಟ್ಟ ಘಟನೆ ನಡೆದಿದೆ. ಭದ್ರಾವತಿ ತಾಲೂಕಿನ ಮಾಚೇನಹಳ್ಳಿಯ ಕಿವುಡ ಮತ್ತು ಮೂಗ ಶಾಲೆಯಲ್ಲಿ 8ನೇ ತರಗತಿ ಓದುತ್ತಿದ್ದ ಅಕ್ಷರಾ ಎಂಬ ವಿದ್ಯಾರ್ಥಿನಿ ಶಾಲೆಯಲ್ಲಿಯೇ ಕುಸಿದು ಬಿದ್ದಿದ್ದಾಳೆ. ತಕ್ಷಣ ವಿದ್ಯಾರ್ಥಿನಿಯನ್ನು ಸಮೀಪದ ಎನ್‌ಎಂಸಿ ಆಸ್ಪತ್ರೆಗೆ ಕರೆದುಕೊಂಡು ಬರಲಾಗಿತ್ತು. ತಪಾಸಣೆ ನಡೆಸಿದ ವೈದ್ಯರು ದಾರಿ ಮಧ್ಯೆಯೇ ಅಕ್ಷರ ಮೃತಪಟ್ಟಿರುವುದಾಗಿ ತಿಳಿಸಿದ್ದಾರೆ. ಶಿಕಾರಿಪುರ ತಾಲೂಕು ಅಣ್ಣಾಪುರ ಗ್ರಾಮದ ಅಕ್ಷರಾ, ಆ. 7ರಂದು ಮಾಚೇನಹಳ್ಳಿಯ ಶಾಲೆಗೆ ದಾಖಲಾಗಿದ್ದಳು. ಆ. 9ರ ರಾತ್ರಿಯಿಂದಲೂ ಆಕೆಗೆ ವಾಂತಿ, ಭೇದಿ ಆಗಿತ್ತು. ಮರುದಿನ(ಆ.10) ಬೆಳಗ್ಗೆ ಶಾಲೆಗೆ ಹೋದಾಗ ಏಕಾಏಕಿ ಕುಸಿದು ಬಿದ್ದಿದ್ದಾಳೆ. ಈ ಕುರಿತು ಭದ್ರಾವತಿಯ ನ್ಯೂಟೌನ್ ಪೊಲೀಸ್ ಠಾಣೆಯಲ್ಲಿ ಅಸ್ವಾಭಾವಿಕ ಪ್ರಕರಣ ದಾಖಲಾಗಿದೆ ಎಂದು ಪೊಲೀಸರು ತಿಳಿಸಿದ್ದಾರೆ. ಮತ್ತೊಂದು ಪ್ರಕರಣದಲ್ಲಿ ಶಾಲೆಯಲ್ಲಿ ಚೆಸ್ ಆಟ ವೀಕ್ಷಿಸಿದ್ದ ವಿದ್ಯಾರ್ಥಿಯೊಬ್ಬ ಏಕಾಏಕಿ ಕುಸಿದು ಬಿದ್ದು ಮೃತಪಟ್ಟ ಘಟನೆ ಸಂಭವಿಸಿದೆ. ಶಿವಮೊಗ್ಗ ತಾಲೂಕಿನ ತಮ್ಮಡಿಹಳ್ಳಿ ಗ್ರಾಮದ ಸರ್ಕಾರಿ ಹೈಸ್ಕೂಲ್‌ನಲ್ಲಿ 10ನೇ ತರಗತಿಯಲ್ಲಿ ಓದುತ್ತಿದ್ದ ವಿನಯ್ ಜೆ.ಕೆ (15) ಮೃತ ವಿದ್ಯಾರ್ಥಿ. ವಿನಯ್ ಶಾಲೆಯಲ್ಲಿ ಇತರ ವಿದ್ಯಾರ್ಥಿಗಳು ಚೆಸ್ ಆಡುತ್ತಿದ್ದನ್ನು ಆಸಕ್ತಿಯಿಂದ ನೋಡುತ್ತಾ ಕುಳಿತಿದ್ದನು. ಈ ವೇಳೆ, ಇದ್ದಕ್ಕಿದ್ದಂತೆ ಕುಸಿದು ಬಿದ್ದಿದ್ದಾನೆ. ತಕ್ಷಣವೇ ಅವನನ್ನು ಆಯನೂರು ಪ್ರಾಥಮಿಕ ಆರೋಗ್ಯ ಕೇಂದ್ರಕ್ಕೆ ಕರೆದುಕೊಂಡು ಹೋಗಲಾಗಿತ್ತು. ಆದರೆ, ವಿದ್ಯಾರ್ಥಿಯ ಸ್ಥಿತಿ ಗಂಭೀರವಾಗಿದ್ದರಿಂದ ಹೆಚ್ಚಿನ ಚಿಕಿತ್ಸೆಗಾಗಿ ಶಿವಮೊಗ್ಗದ ಮೆಗ್ಗಾನ್ ಆಸ್ಪತ್ರೆಗೆ ರವಾನಿಸಲಾಗಿತ್ತು ಎಂದು ಶಾಲೆಯ ಶಿಕ್ಷಕರು ತಿಳಿಸಿದ್ದಾರೆ. ಆದರೆ, ಆಸ್ಪತ್ರೆಗೆ ತಲುಪುವಷ್ಟರಲ್ಲೇ ವಿದ್ಯಾರ್ಥಿಯು ಮೃತಪಟ್ಟಿರುವುದಾಗಿ ಮೆಗ್ಗಾನ್ ವೈದ್ಯರು ದೃಢಪಡಿಸಿದ್ದಾರೆ. ಮೃತ ವಿನಯ್ ಮೂಲತಃ ಶಿಕಾರಿಪುರದವನಾಗಿದ್ದು, ಆಯನೂರು ಸಮೀಪದ ತಮ್ಮಡಿಹಳ್ಳಿಯಲ್ಲಿರುವ ಅಜ್ಜನ ಮನೆಯಲ್ಲಿದ್ದು ವಿದ್ಯಾಭ್ಯಾಸ ಮಾಡುತ್ತಿದ್ದನು. ಮಗನ ಸಾವಿನ ಸುದ್ದಿ ಕೇಳಿ ಮೆಗ್ಗಾನ್ ಆಸ್ಪತ್ರೆಗೆ ಆಗಮಿಸಿದ ತಂದೆ–ತಾಯಿ ಹಾಗೂ ಸಂಬಂಧಿಕರ ಆಕ್ರಂದನ ಮುಗಿಲು ಮುಟ್ಟಿತ್ತು. ಸಾಮಾನ್ಯವಾಗಿದ್ದ ವಿದ್ಯಾರ್ಥಿ ಏಕಾಏಕಿ ಕುಸಿದು ಬಿದ್ದು ಮೃತಪಟ್ಟಿರುವುದಕ್ಕೆ ಆತನ ಪೋಷಕರು ತೀವ್ರ ಅನುಮಾನ ವ್ಯಕ್ತಪಡಿಸಿದ್ದಾರೆ.
